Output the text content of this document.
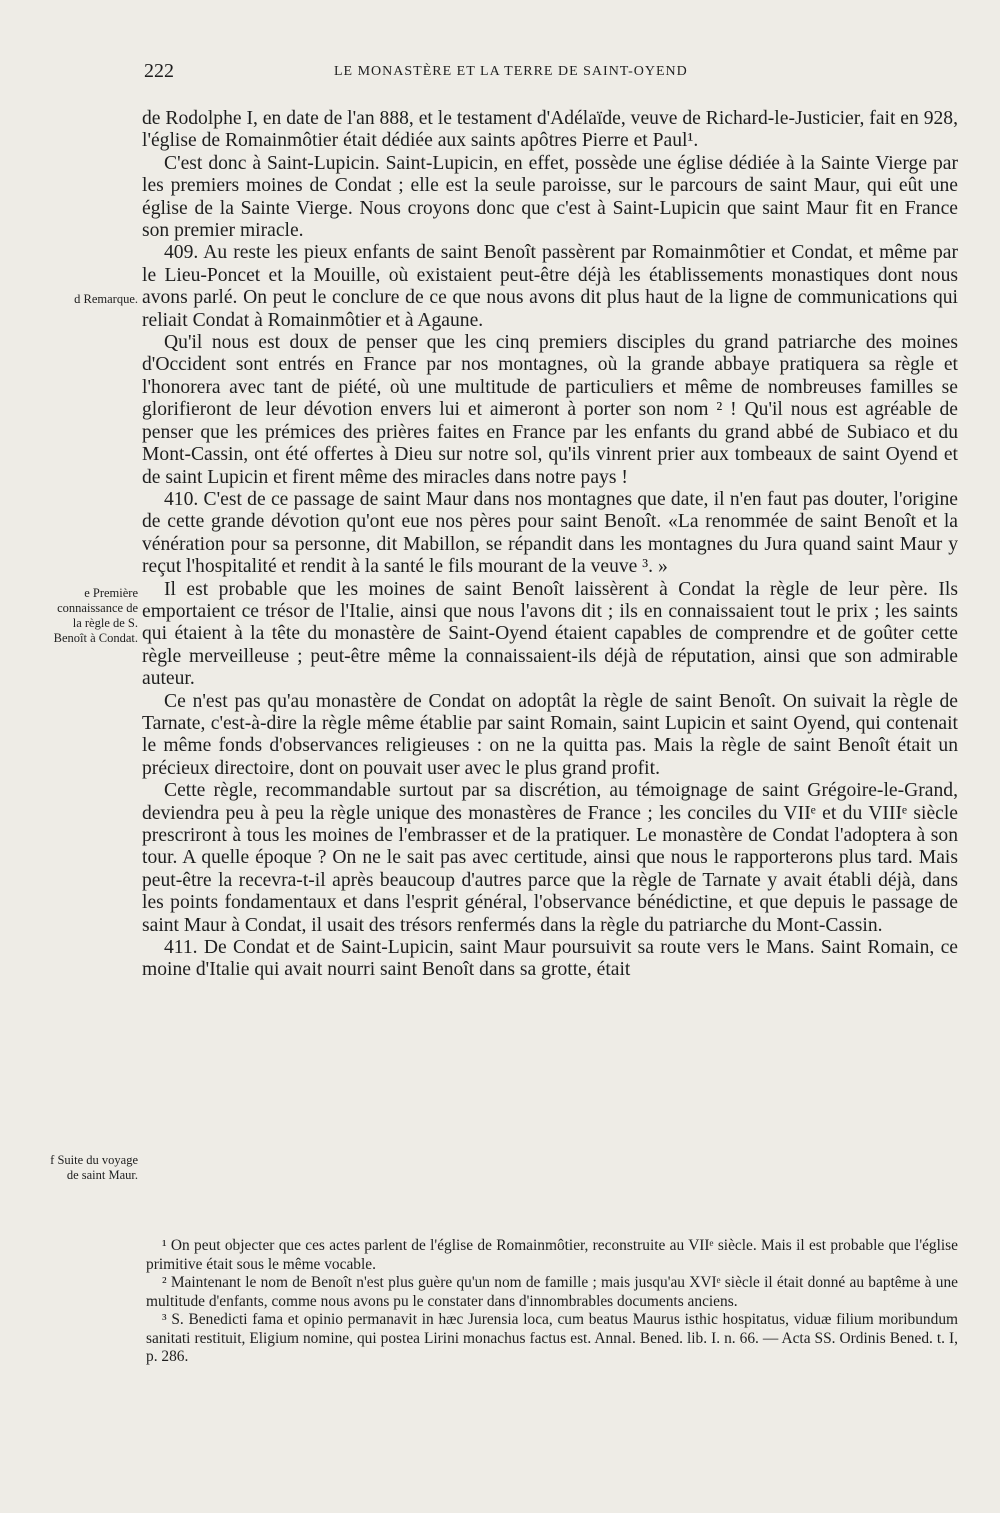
222	LE MONASTÈRE ET LA TERRE DE SAINT-OYEND
d Remarque.
e Première connaissance de la règle de S. Benoît à Condat.
f Suite du voyage de saint Maur.

de Rodolphe I, en date de l'an 888, et le testament d'Adélaïde, veuve de Richard-le-Justicier, fait en 928, l'église de Romainmôtier était dédiée aux saints apôtres Pierre et Paul¹.

C'est donc à Saint-Lupicin. Saint-Lupicin, en effet, possède une église dédiée à la Sainte Vierge par les premiers moines de Condat ; elle est la seule paroisse, sur le parcours de saint Maur, qui eût une église de la Sainte Vierge. Nous croyons donc que c'est à Saint-Lupicin que saint Maur fit en France son premier miracle.

409. Au reste les pieux enfants de saint Benoît passèrent par Romainmôtier et Condat, et même par le Lieu-Poncet et la Mouille, où existaient peut-être déjà les établissements monastiques dont nous avons parlé. On peut le conclure de ce que nous avons dit plus haut de la ligne de communications qui reliait Condat à Romainmôtier et à Agaune.

Qu'il nous est doux de penser que les cinq premiers disciples du grand patriarche des moines d'Occident sont entrés en France par nos montagnes, où la grande abbaye pratiquera sa règle et l'honorera avec tant de piété, où une multitude de particuliers et même de nombreuses familles se glorifieront de leur dévotion envers lui et aimeront à porter son nom ² ! Qu'il nous est agréable de penser que les prémices des prières faites en France par les enfants du grand abbé de Subiaco et du Mont-Cassin, ont été offertes à Dieu sur notre sol, qu'ils vinrent prier aux tombeaux de saint Oyend et de saint Lupicin et firent même des miracles dans notre pays !

410. C'est de ce passage de saint Maur dans nos montagnes que date, il n'en faut pas douter, l'origine de cette grande dévotion qu'ont eue nos pères pour saint Benoît. «La renommée de saint Benoît et la vénération pour sa personne, dit Mabillon, se répandit dans les montagnes du Jura quand saint Maur y reçut l'hospitalité et rendit à la santé le fils mourant de la veuve ³. »

Il est probable que les moines de saint Benoît laissèrent à Condat la règle de leur père. Ils emportaient ce trésor de l'Italie, ainsi que nous l'avons dit ; ils en connaissaient tout le prix ; les saints qui étaient à la tête du monastère de Saint-Oyend étaient capables de comprendre et de goûter cette règle merveilleuse ; peut-être même la connaissaient-ils déjà de réputation, ainsi que son admirable auteur.

Ce n'est pas qu'au monastère de Condat on adoptât la règle de saint Benoît. On suivait la règle de Tarnate, c'est-à-dire la règle même établie par saint Romain, saint Lupicin et saint Oyend, qui contenait le même fonds d'observances religieuses : on ne la quitta pas. Mais la règle de saint Benoît était un précieux directoire, dont on pouvait user avec le plus grand profit.

Cette règle, recommandable surtout par sa discrétion, au témoignage de saint Grégoire-le-Grand, deviendra peu à peu la règle unique des monastères de France ; les conciles du VIIᵉ et du VIIIᵉ siècle prescriront à tous les moines de l'embrasser et de la pratiquer. Le monastère de Condat l'adoptera à son tour. A quelle époque ? On ne le sait pas avec certitude, ainsi que nous le rapporterons plus tard. Mais peut-être la recevra-t-il après beaucoup d'autres parce que la règle de Tarnate y avait établi déjà, dans les points fondamentaux et dans l'esprit général, l'observance bénédictine, et que depuis le passage de saint Maur à Condat, il usait des trésors renfermés dans la règle du patriarche du Mont-Cassin.

411. De Condat et de Saint-Lupicin, saint Maur poursuivit sa route vers le Mans. Saint Romain, ce moine d'Italie qui avait nourri saint Benoît dans sa grotte, était

¹ On peut objecter que ces actes parlent de l'église de Romainmôtier, reconstruite au VIIᵉ siècle. Mais il est probable que l'église primitive était sous le même vocable.

² Maintenant le nom de Benoît n'est plus guère qu'un nom de famille ; mais jusqu'au XVIᵉ siècle il était donné au baptême à une multitude d'enfants, comme nous avons pu le constater dans d'innombrables documents anciens.

³ S. Benedicti fama et opinio permanavit in hæc Jurensia loca, cum beatus Maurus isthic hospitatus, viduæ filium moribundum sanitati restituit, Eligium nomine, qui postea Lirini monachus factus est. Annal. Bened. lib. I. n. 66. — Acta SS. Ordinis Bened. t. I, p. 286.
